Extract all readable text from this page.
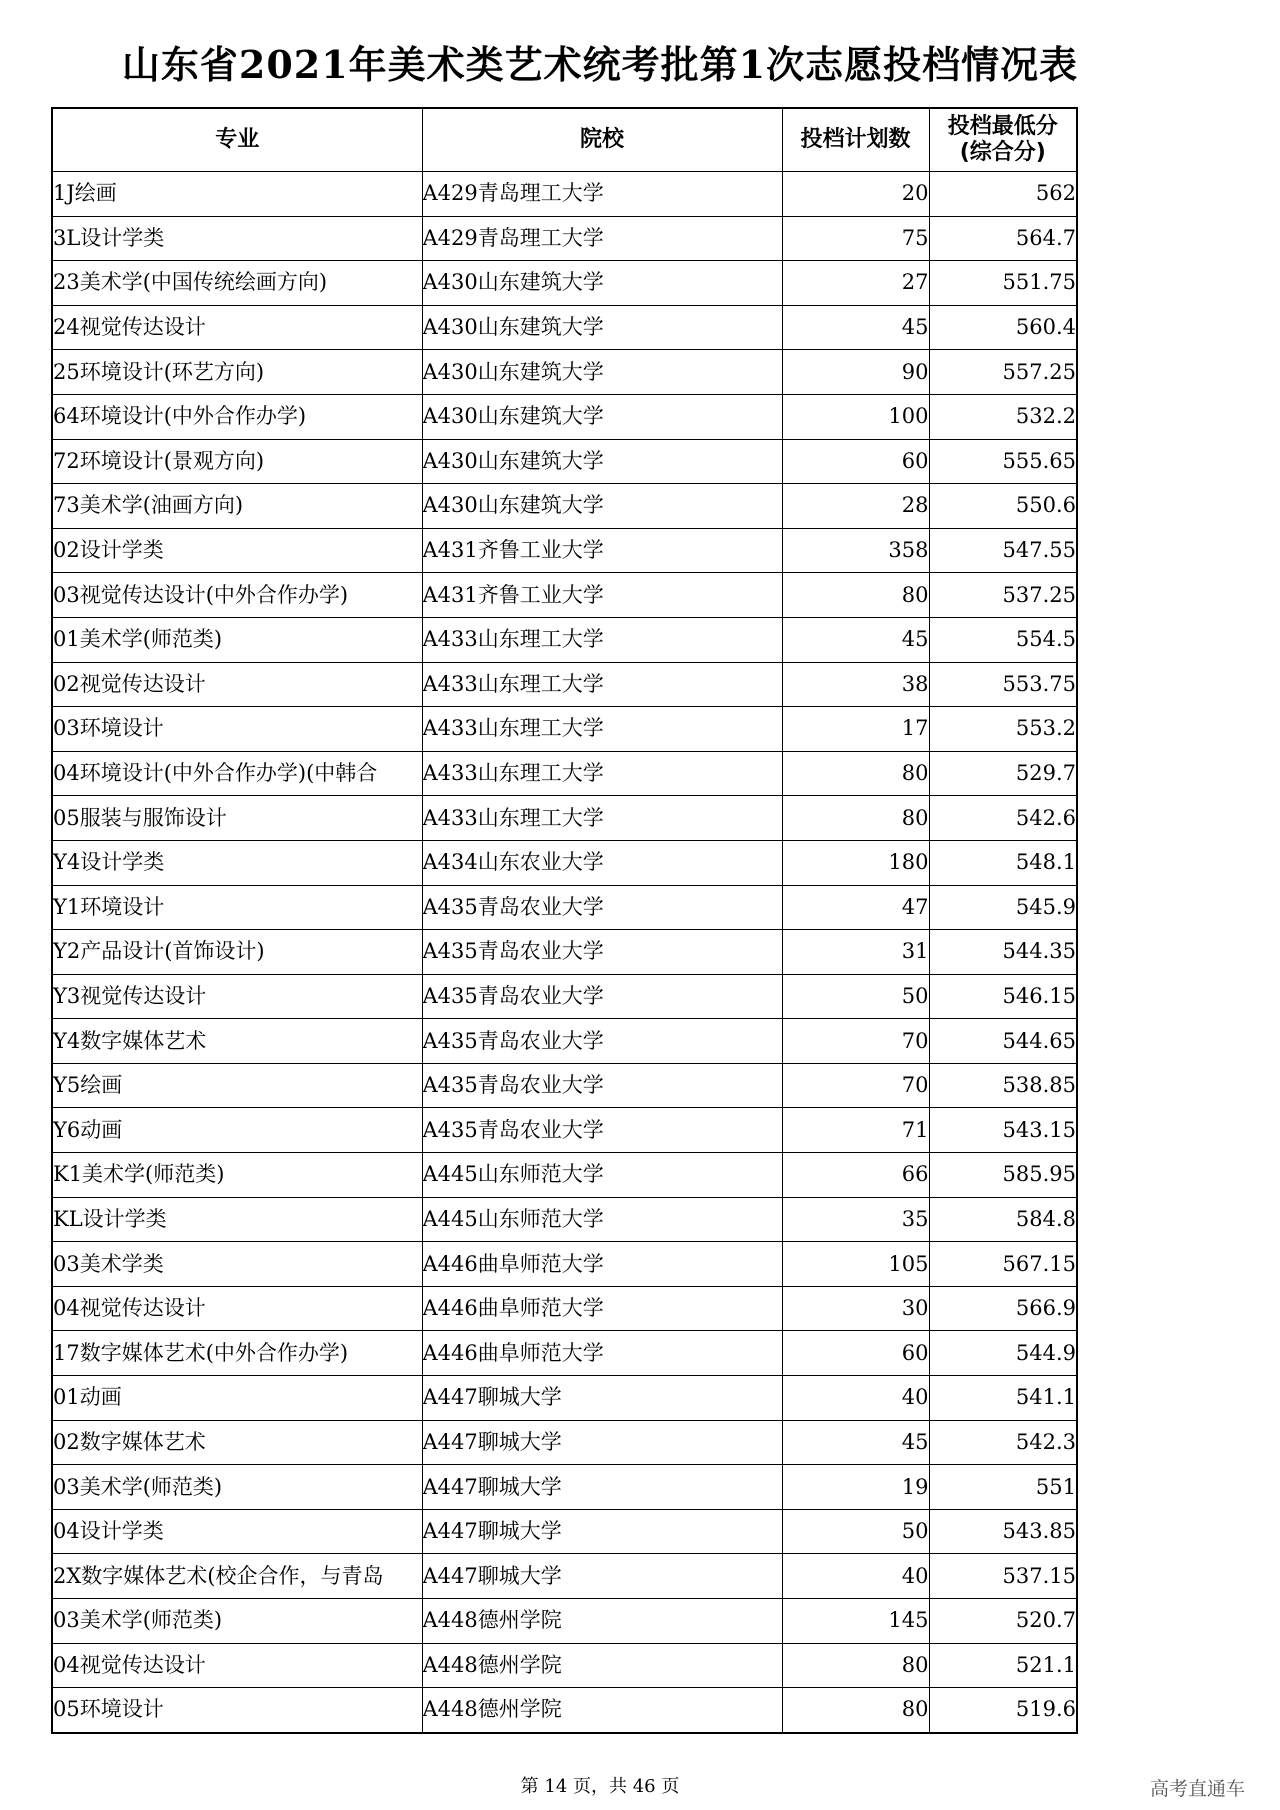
山东省2021年美术类艺术统考批第1次志愿投档情况表
专业	院校	投档计划数	投档最低分
(综合分)
1J绘画	A429青岛理工大学	20	562
3L设计学类	A429青岛理工大学	75	564.7
23美术学(中国传统绘画方向)	A430山东建筑大学	27	551.75
24视觉传达设计	A430山东建筑大学	45	560.4
25环境设计(环艺方向)	A430山东建筑大学	90	557.25
64环境设计(中外合作办学)	A430山东建筑大学	100	532.2
72环境设计(景观方向)	A430山东建筑大学	60	555.65
73美术学(油画方向)	A430山东建筑大学	28	550.6
02设计学类	A431齐鲁工业大学	358	547.55
03视觉传达设计(中外合作办学)	A431齐鲁工业大学	80	537.25
01美术学(师范类)	A433山东理工大学	45	554.5
02视觉传达设计	A433山东理工大学	38	553.75
03环境设计	A433山东理工大学	17	553.2
04环境设计(中外合作办学)(中韩合	A433山东理工大学	80	529.7
05服装与服饰设计	A433山东理工大学	80	542.6
Y4设计学类	A434山东农业大学	180	548.1
Y1环境设计	A435青岛农业大学	47	545.9
Y2产品设计(首饰设计)	A435青岛农业大学	31	544.35
Y3视觉传达设计	A435青岛农业大学	50	546.15
Y4数字媒体艺术	A435青岛农业大学	70	544.65
Y5绘画	A435青岛农业大学	70	538.85
Y6动画	A435青岛农业大学	71	543.15
K1美术学(师范类)	A445山东师范大学	66	585.95
KL设计学类	A445山东师范大学	35	584.8
03美术学类	A446曲阜师范大学	105	567.15
04视觉传达设计	A446曲阜师范大学	30	566.9
17数字媒体艺术(中外合作办学)	A446曲阜师范大学	60	544.9
01动画	A447聊城大学	40	541.1
02数字媒体艺术	A447聊城大学	45	542.3
03美术学(师范类)	A447聊城大学	19	551
04设计学类	A447聊城大学	50	543.85
2X数字媒体艺术(校企合作，与青岛	A447聊城大学	40	537.15
03美术学(师范类)	A448德州学院	145	520.7
04视觉传达设计	A448德州学院	80	521.1
05环境设计	A448德州学院	80	519.6
第 14 页，共 46 页	高考直通车
